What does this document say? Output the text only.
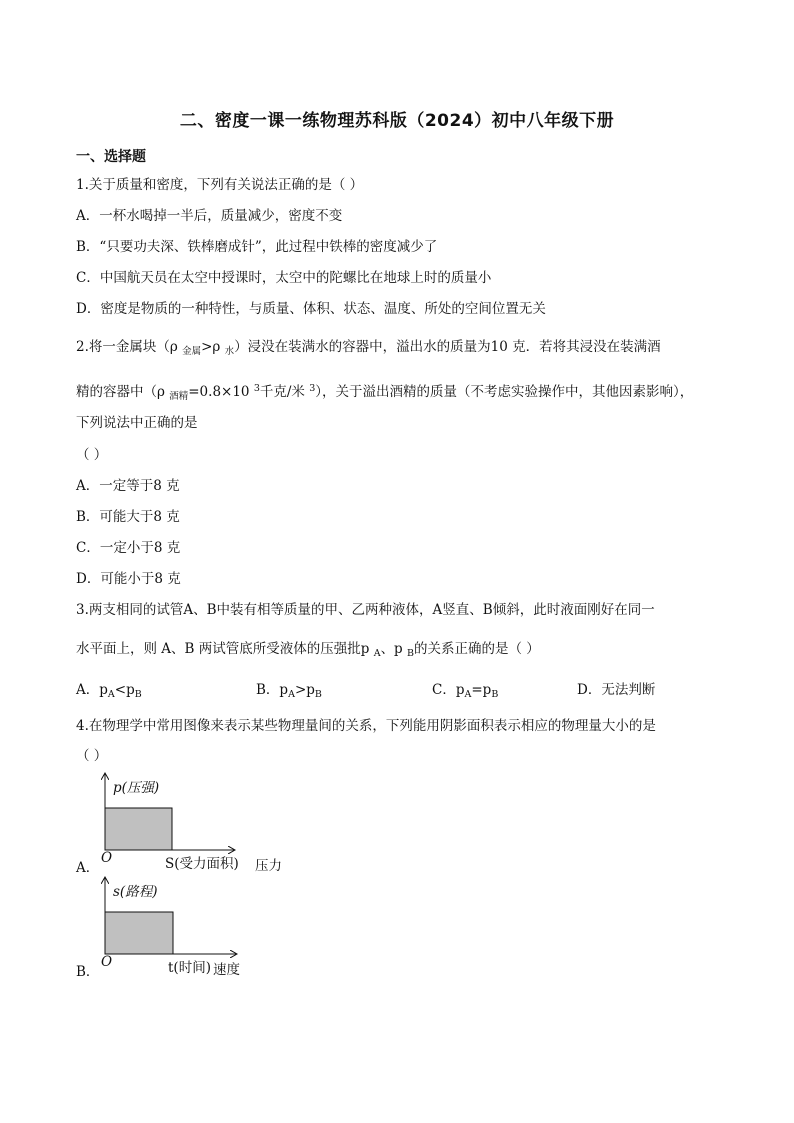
二、密度一课一练物理苏科版（2024）初中八年级下册
一、选择题
1.关于质量和密度，下列有关说法正确的是（ ）
A．一杯水喝掉一半后，质量减少，密度不变
B．“只要功夫深、铁棒磨成针”，此过程中铁棒的密度减少了
C．中国航天员在太空中授课时，太空中的陀螺比在地球上时的质量小
D．密度是物质的一种特性，与质量、体积、状态、温度、所处的空间位置无关
2.将一金属块（ρ $_{金属}$>ρ $_水$）浸没在装满水的容器中，溢出水的质量为10 克．若将其浸没在装满酒
精的容器中（ρ $_{酒精}$=0.8×10 $^3$千克/米 $^3$），关于溢出酒精的质量（不考虑实验操作中，其他因素影响），
下列说法中正确的是
（ ）
A．一定等于8 克
B．可能大于8 克
C．一定小于8 克
D．可能小于8 克
3.两支相同的试管A、B中装有相等质量的甲、乙两种液体，A竖直、B倾斜，此时液面刚好在同一
水平面上，则 A、B 两试管底所受液体的压强批p $_A$、p $_B$的关系正确的是（ ）
A．$p_A<p_B$	B．$p_A>p_B$	C．$p_A=p_B$	D．无法判断
4.在物理学中常用图像来表示某些物理量间的关系，下列能用阴影面积表示相应的物理量大小的是
（ ）
p(压强)
O	S(受力面积)
A．	压力
s(路程)
O	t(时间)
B．	速度
